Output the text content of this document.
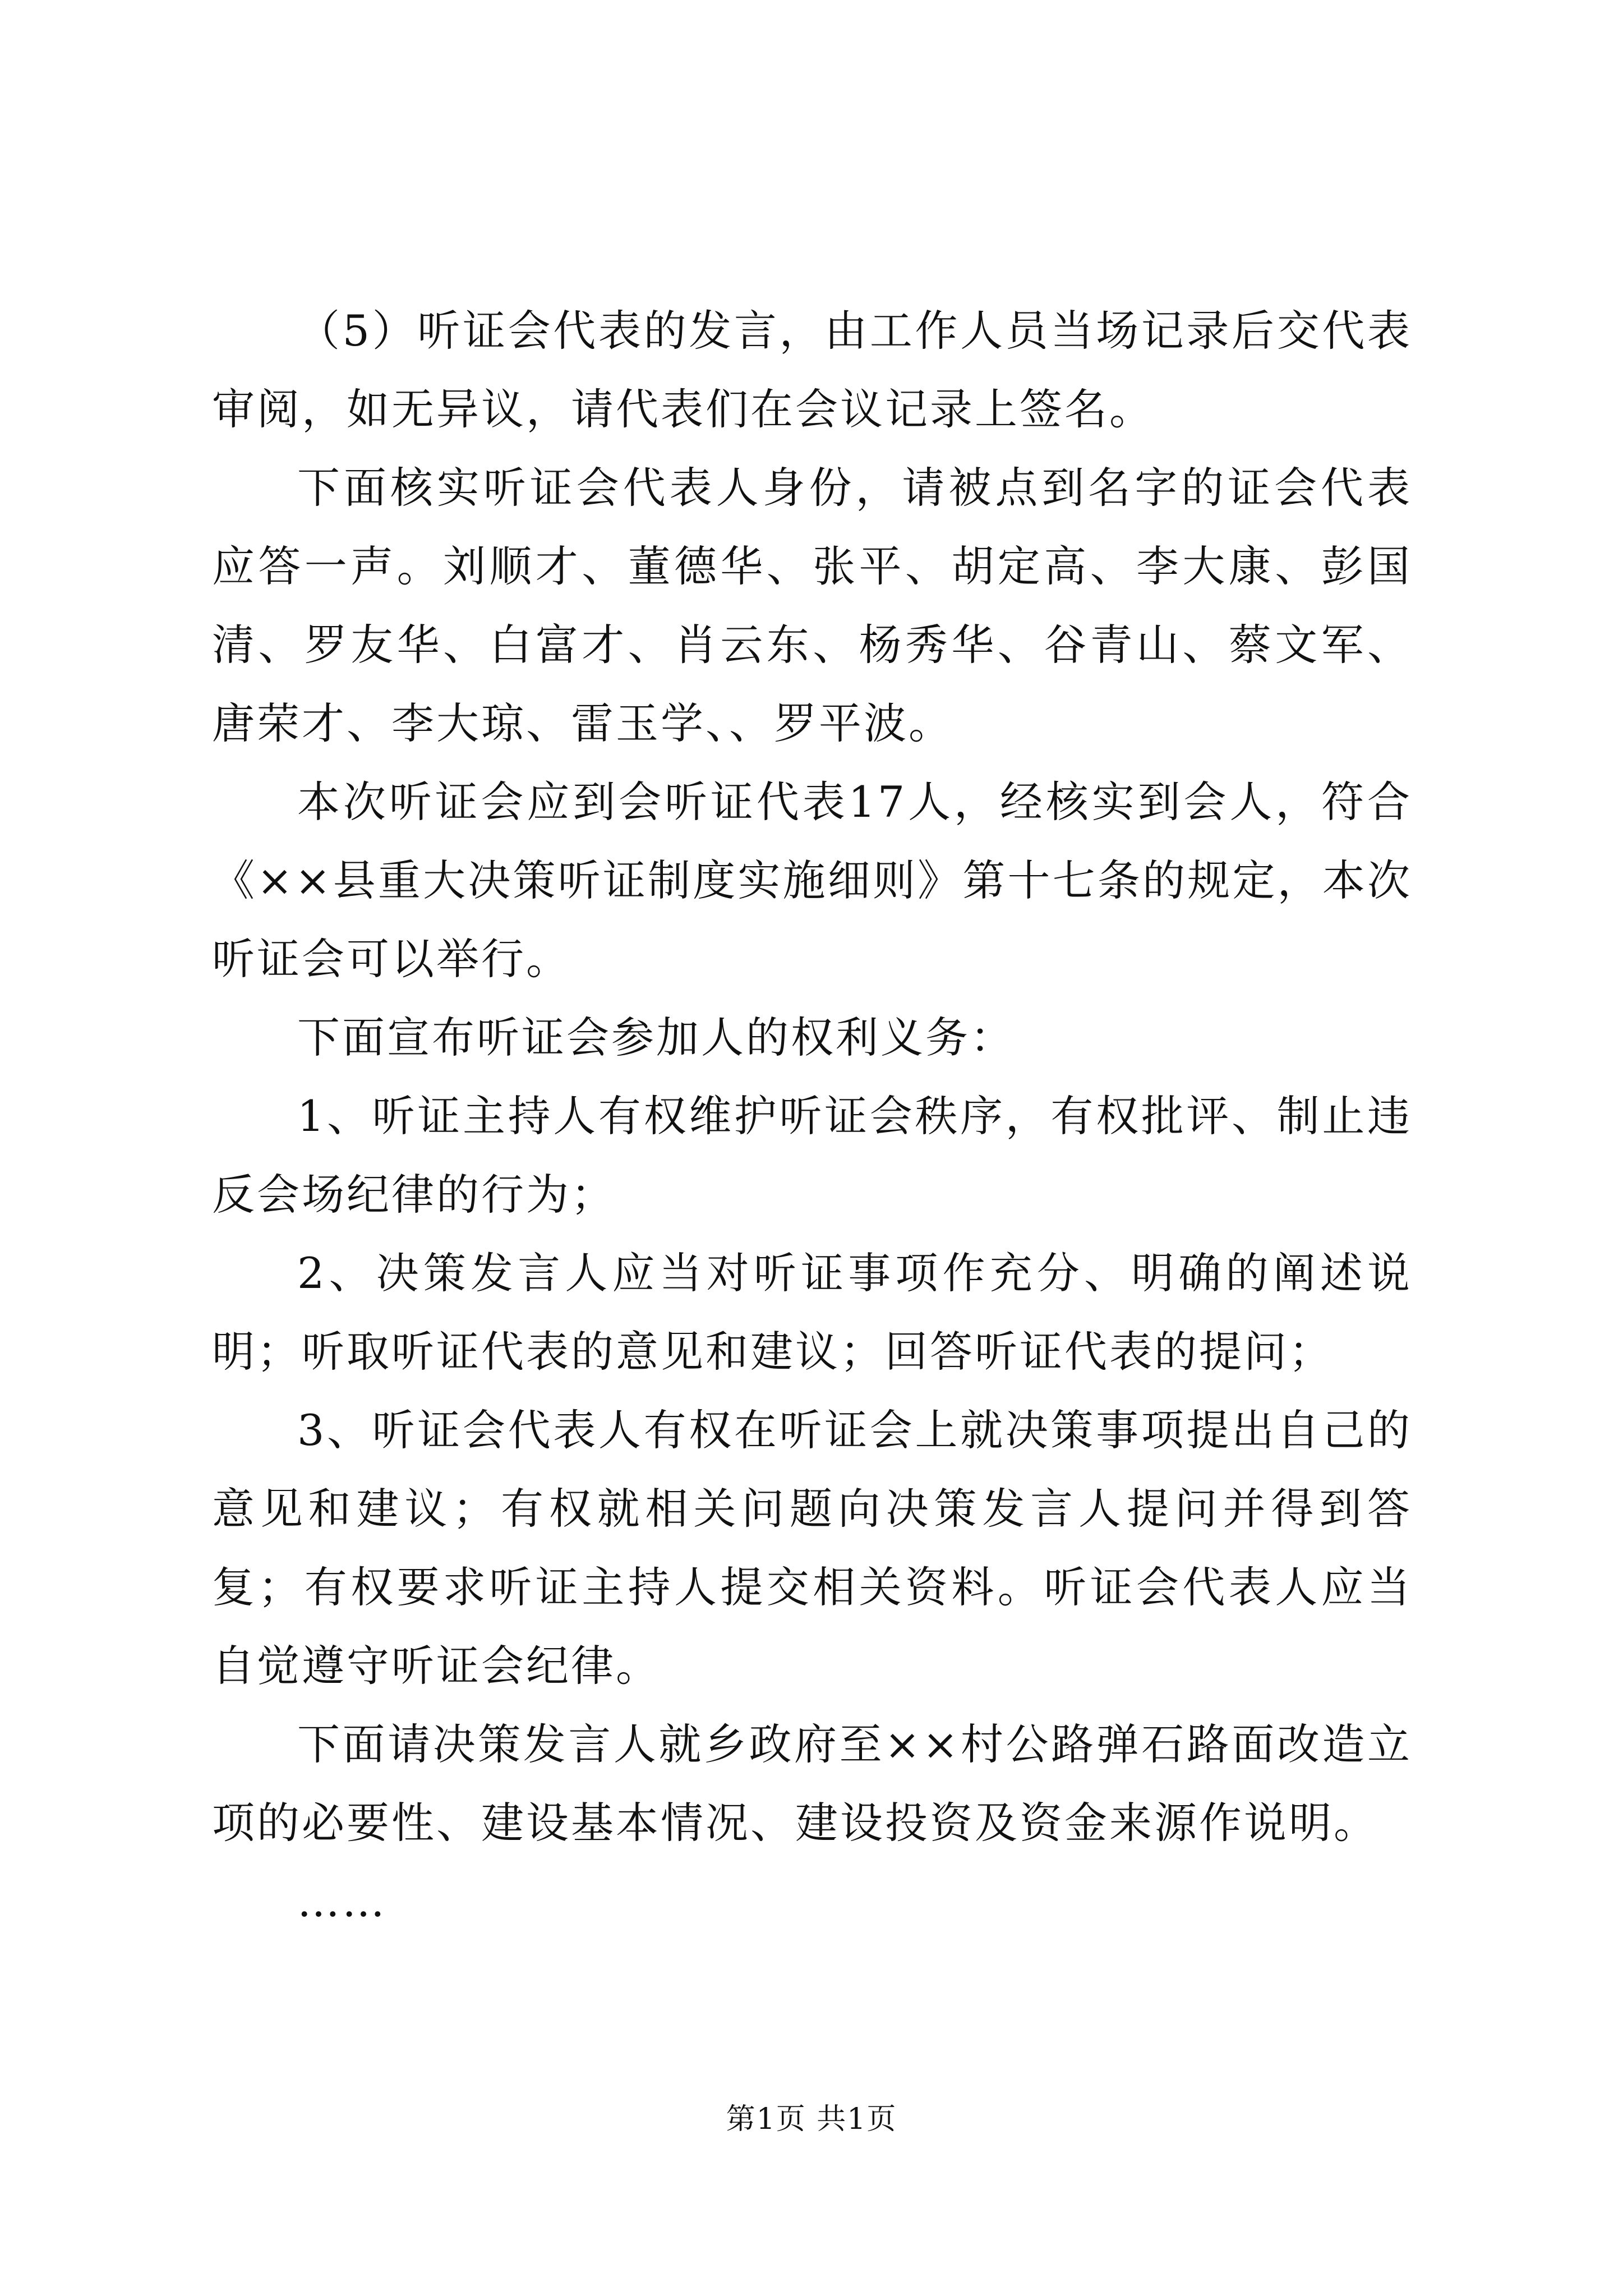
（5）听证会代表的发言，由工作人员当场记录后交代表审阅，如无异议，请代表们在会议记录上签名。

下面核实听证会代表人身份，请被点到名字的证会代表应答一声。刘顺才、董德华、张平、胡定高、李大康、彭国清、罗友华、白富才、肖云东、杨秀华、谷青山、蔡文军、唐荣才、李大琼、雷玉学、、罗平波。

本次听证会应到会听证代表17人，经核实到会人，符合《××县重大决策听证制度实施细则》第十七条的规定，本次听证会可以举行。

下面宣布听证会参加人的权利义务：

1、听证主持人有权维护听证会秩序，有权批评、制止违反会场纪律的行为；

2、决策发言人应当对听证事项作充分、明确的阐述说明；听取听证代表的意见和建议；回答听证代表的提问；

3、听证会代表人有权在听证会上就决策事项提出自己的意见和建议；有权就相关问题向决策发言人提问并得到答复；有权要求听证主持人提交相关资料。听证会代表人应当自觉遵守听证会纪律。

下面请决策发言人就乡政府至××村公路弹石路面改造立项的必要性、建设基本情况、建设投资及资金来源作说明。

……

第1页 共1页
